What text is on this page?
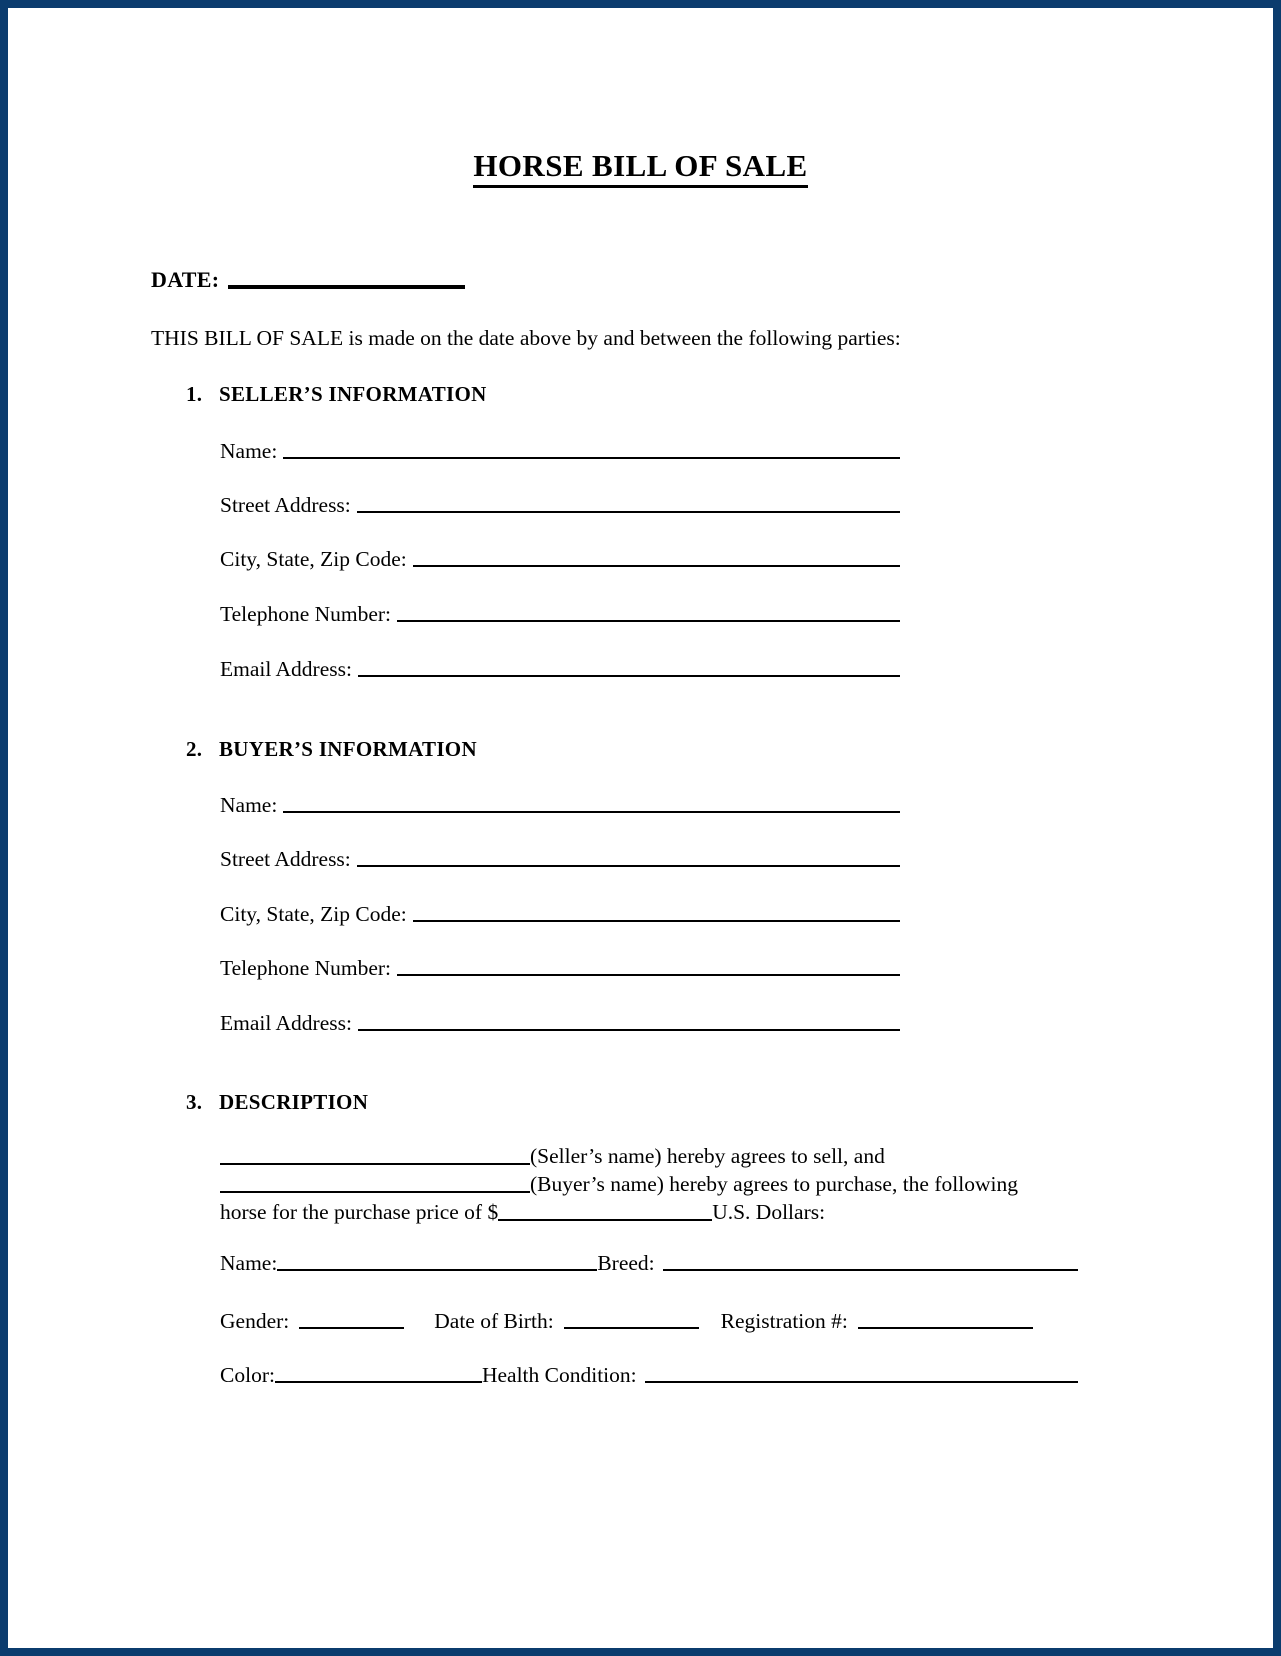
HORSE BILL OF SALE
DATE:
THIS BILL OF SALE is made on the date above by and between the following parties:
1. SELLER’S INFORMATION
Name:
Street Address:
City, State, Zip Code:
Telephone Number:
Email Address:
2. BUYER’S INFORMATION
Name:
Street Address:
City, State, Zip Code:
Telephone Number:
Email Address:
3. DESCRIPTION
(Seller’s name) hereby agrees to sell, and
(Buyer’s name) hereby agrees to purchase, the following
horse for the purchase price of $	U.S. Dollars:
Name:	Breed:
Gender:	Date of Birth:	Registration #:
Color:	Health Condition:
